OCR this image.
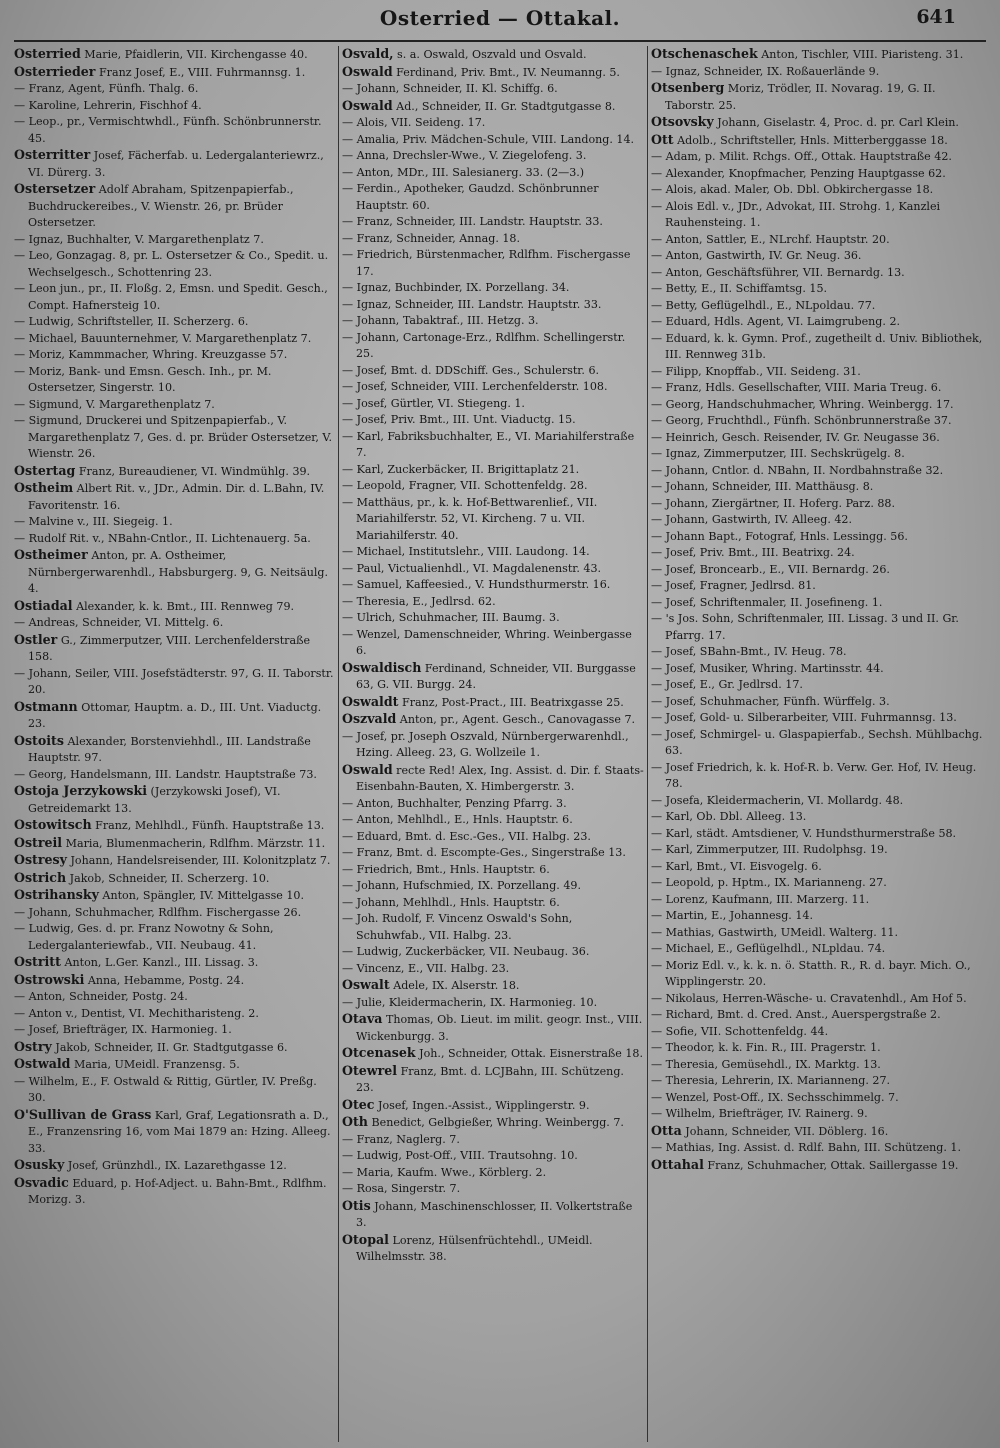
Osterried — Ottakal.	641
Osterried Marie, Pfaidlerin, VII. Kirchengasse 40.
Osterrieder Franz Josef, E., VIII. Fuhrmannsg. 1.
— Franz, Agent, Fünfh. Thalg. 6.
— Karoline, Lehrerin, Fischhof 4.
— Leop., pr., Vermischtwhdl., Fünfh. Schönbrunnerstr. 45.
Osterritter Josef, Fächerfab. u. Ledergalanteriewrz., VI. Dürerg. 3.
Ostersetzer Adolf Abraham, Spitzenpapierfab., Buchdruckereibes., V. Wienstr. 26, pr. Brüder Ostersetzer.
— Ignaz, Buchhalter, V. Margarethenplatz 7.
— Leo, Gonzagag. 8, pr. L. Ostersetzer & Co., Spedit. u. Wechselgesch., Schottenring 23.
— Leon jun., pr., II. Floßg. 2, Emsn. und Spedit. Gesch., Compt. Hafnersteig 10.
— Ludwig, Schriftsteller, II. Scherzerg. 6.
— Michael, Bauunternehmer, V. Margarethenplatz 7.
— Moriz, Kammmacher, Whring. Kreuzgasse 57.
— Moriz, Bank- und Emsn. Gesch. Inh., pr. M. Ostersetzer, Singerstr. 10.
— Sigmund, V. Margarethenplatz 7.
— Sigmund, Druckerei und Spitzenpapierfab., V. Margarethenplatz 7, Ges. d. pr. Brüder Ostersetzer, V. Wienstr. 26.
Ostertag Franz, Bureaudiener, VI. Windmühlg. 39.
Ostheim Albert Rit. v., JDr., Admin. Dir. d. L.Bahn, IV. Favoritenstr. 16.
— Malvine v., III. Siegeig. 1.
— Rudolf Rit. v., NBahn-Cntlor., II. Lichtenauerg. 5a.
Ostheimer Anton, pr. A. Ostheimer, Nürnbergerwarenhdl., Habsburgerg. 9, G. Neitsäulg. 4.
Ostiadal Alexander, k. k. Bmt., III. Rennweg 79.
— Andreas, Schneider, VI. Mittelg. 6.
Ostler G., Zimmerputzer, VIII. Lerchenfelderstraße 158.
— Johann, Seiler, VIII. Josefstädterstr. 97, G. II. Taborstr. 20.
Ostmann Ottomar, Hauptm. a. D., III. Unt. Viaductg. 23.
Ostoits Alexander, Borstenviehhdl., III. Landstraße Hauptstr. 97.
— Georg, Handelsmann, III. Landstr. Hauptstraße 73.
Ostoja Jerzykowski (Jerzykowski Josef), VI. Getreidemarkt 13.
Ostowitsch Franz, Mehlhdl., Fünfh. Hauptstraße 13.
Ostreil Maria, Blumenmacherin, Rdlfhm. Märzstr. 11.
Ostresy Johann, Handelsreisender, III. Kolonitzplatz 7.
Ostrich Jakob, Schneider, II. Scherzerg. 10.
Ostrihansky Anton, Spängler, IV. Mittelgasse 10.
— Johann, Schuhmacher, Rdlfhm. Fischergasse 26.
— Ludwig, Ges. d. pr. Franz Nowotny & Sohn, Ledergalanteriewfab., VII. Neubaug. 41.
Ostritt Anton, L.Ger. Kanzl., III. Lissag. 3.
Ostrowski Anna, Hebamme, Postg. 24.
— Anton, Schneider, Postg. 24.
— Anton v., Dentist, VI. Mechitharisteng. 2.
— Josef, Briefträger, IX. Harmonieg. 1.
Ostry Jakob, Schneider, II. Gr. Stadtgutgasse 6.
Ostwald Maria, UMeidl. Franzensg. 5.
— Wilhelm, E., F. Ostwald & Rittig, Gürtler, IV. Preßg. 30.
O'Sullivan de Grass Karl, Graf, Legationsrath a. D., E., Franzensring 16, vom Mai 1879 an: Hzing. Alleeg. 33.
Osusky Josef, Grünzhdl., IX. Lazarethgasse 12.
Osvadic Eduard, p. Hof-Adject. u. Bahn-Bmt., Rdlfhm. Morizg. 3.
Osvald, s. a. Oswald, Oszvald und Osvald.
Oswald Ferdinand, Priv. Bmt., IV. Neumanng. 5.
— Johann, Schneider, II. Kl. Schiffg. 6.
Oswald Ad., Schneider, II. Gr. Stadtgutgasse 8.
— Alois, VII. Seideng. 17.
— Amalia, Priv. Mädchen-Schule, VIII. Landong. 14.
— Anna, Drechsler-Wwe., V. Ziegelofeng. 3.
— Anton, MDr., III. Salesianerg. 33. (2—3.)
— Ferdin., Apotheker, Gaudzd. Schönbrunner Hauptstr. 60.
— Franz, Schneider, III. Landstr. Hauptstr. 33.
— Franz, Schneider, Annag. 18.
— Friedrich, Bürstenmacher, Rdlfhm. Fischergasse 17.
— Ignaz, Buchbinder, IX. Porzellang. 34.
— Ignaz, Schneider, III. Landstr. Hauptstr. 33.
— Johann, Tabaktraf., III. Hetzg. 3.
— Johann, Cartonage-Erz., Rdlfhm. Schellingerstr. 25.
— Josef, Bmt. d. DDSchiff. Ges., Schulerstr. 6.
— Josef, Schneider, VIII. Lerchenfelderstr. 108.
— Josef, Gürtler, VI. Stiegeng. 1.
— Josef, Priv. Bmt., III. Unt. Viaductg. 15.
— Karl, Fabriksbuchhalter, E., VI. Mariahilferstraße 7.
— Karl, Zuckerbäcker, II. Brigittaplatz 21.
— Leopold, Fragner, VII. Schottenfeldg. 28.
— Matthäus, pr., k. k. Hof-Bettwarenlief., VII. Mariahilferstr. 52, VI. Kircheng. 7 u. VII. Mariahilferstr. 40.
— Michael, Institutslehr., VIII. Laudong. 14.
— Paul, Victualienhdl., VI. Magdalenenstr. 43.
— Samuel, Kaffeesied., V. Hundsthurmerstr. 16.
— Theresia, E., Jedlrsd. 62.
— Ulrich, Schuhmacher, III. Baumg. 3.
— Wenzel, Damenschneider, Whring. Weinbergasse 6.
Oswaldisch Ferdinand, Schneider, VII. Burggasse 63, G. VII. Burgg. 24.
Oswaldt Franz, Post-Pract., III. Beatrixgasse 25.
Oszvald Anton, pr., Agent. Gesch., Canovagasse 7.
— Josef, pr. Joseph Oszvald, Nürnbergerwarenhdl., Hzing. Alleeg. 23, G. Wollzeile 1.
Oswald recte Red! Alex, Ing. Assist. d. Dir. f. Staats-Eisenbahn-Bauten, X. Himbergerstr. 3.
— Anton, Buchhalter, Penzing Pfarrg. 3.
— Anton, Mehlhdl., E., Hnls. Hauptstr. 6.
— Eduard, Bmt. d. Esc.-Ges., VII. Halbg. 23.
— Franz, Bmt. d. Escompte-Ges., Singerstraße 13.
— Friedrich, Bmt., Hnls. Hauptstr. 6.
— Johann, Hufschmied, IX. Porzellang. 49.
— Johann, Mehlhdl., Hnls. Hauptstr. 6.
— Joh. Rudolf, F. Vincenz Oswald's Sohn, Schuhwfab., VII. Halbg. 23.
— Ludwig, Zuckerbäcker, VII. Neubaug. 36.
— Vincenz, E., VII. Halbg. 23.
Oswalt Adele, IX. Alserstr. 18.
— Julie, Kleidermacherin, IX. Harmonieg. 10.
Otava Thomas, Ob. Lieut. im milit. geogr. Inst., VIII. Wickenburgg. 3.
Otcenasek Joh., Schneider, Ottak. Eisnerstraße 18.
Otewrel Franz, Bmt. d. LCJBahn, III. Schützeng. 23.
Otec Josef, Ingen.-Assist., Wipplingerstr. 9.
Oth Benedict, Gelbgießer, Whring. Weinbergg. 7.
— Franz, Naglerg. 7.
— Ludwig, Post-Off., VIII. Trautsohng. 10.
— Maria, Kaufm. Wwe., Körblerg. 2.
— Rosa, Singerstr. 7.
Otis Johann, Maschinenschlosser, II. Volkertstraße 3.
Otopal Lorenz, Hülsenfrüchtehdl., UMeidl. Wilhelmsstr. 38.
Otschenaschek Anton, Tischler, VIII. Piaristeng. 31.
— Ignaz, Schneider, IX. Roßauerlände 9.
Otsenberg Moriz, Trödler, II. Novarag. 19, G. II. Taborstr. 25.
Otsovsky Johann, Giselastr. 4, Proc. d. pr. Carl Klein.
Ott Adolb., Schriftsteller, Hnls. Mitterberggasse 18.
— Adam, p. Milit. Rchgs. Off., Ottak. Hauptstraße 42.
— Alexander, Knopfmacher, Penzing Hauptgasse 62.
— Alois, akad. Maler, Ob. Dbl. Obkirchergasse 18.
— Alois Edl. v., JDr., Advokat, III. Strohg. 1, Kanzlei Rauhensteing. 1.
— Anton, Sattler, E., NLrchf. Hauptstr. 20.
— Anton, Gastwirth, IV. Gr. Neug. 36.
— Anton, Geschäftsführer, VII. Bernardg. 13.
— Betty, E., II. Schiffamtsg. 15.
— Betty, Geflügelhdl., E., NLpoldau. 77.
— Eduard, Hdls. Agent, VI. Laimgrubeng. 2.
— Eduard, k. k. Gymn. Prof., zugetheilt d. Univ. Bibliothek, III. Rennweg 31b.
— Filipp, Knopffab., VII. Seideng. 31.
— Franz, Hdls. Gesellschafter, VIII. Maria Treug. 6.
— Georg, Handschuhmacher, Whring. Weinbergg. 17.
— Georg, Fruchthdl., Fünfh. Schönbrunnerstraße 37.
— Heinrich, Gesch. Reisender, IV. Gr. Neugasse 36.
— Ignaz, Zimmerputzer, III. Sechskrügelg. 8.
— Johann, Cntlor. d. NBahn, II. Nordbahnstraße 32.
— Johann, Schneider, III. Matthäusg. 8.
— Johann, Ziergärtner, II. Hoferg. Parz. 88.
— Johann, Gastwirth, IV. Alleeg. 42.
— Johann Bapt., Fotograf, Hnls. Lessingg. 56.
— Josef, Priv. Bmt., III. Beatrixg. 24.
— Josef, Broncearb., E., VII. Bernardg. 26.
— Josef, Fragner, Jedlrsd. 81.
— Josef, Schriftenmaler, II. Josefineng. 1.
— 's Jos. Sohn, Schriftenmaler, III. Lissag. 3 und II. Gr. Pfarrg. 17.
— Josef, SBahn-Bmt., IV. Heug. 78.
— Josef, Musiker, Whring. Martinsstr. 44.
— Josef, E., Gr. Jedlrsd. 17.
— Josef, Schuhmacher, Fünfh. Würffelg. 3.
— Josef, Gold- u. Silberarbeiter, VIII. Fuhrmannsg. 13.
— Josef, Schmirgel- u. Glaspapierfab., Sechsh. Mühlbachg. 63.
— Josef Friedrich, k. k. Hof-R. b. Verw. Ger. Hof, IV. Heug. 78.
— Josefa, Kleidermacherin, VI. Mollardg. 48.
— Karl, Ob. Dbl. Alleeg. 13.
— Karl, städt. Amtsdiener, V. Hundsthurmerstraße 58.
— Karl, Zimmerputzer, III. Rudolphsg. 19.
— Karl, Bmt., VI. Eisvogelg. 6.
— Leopold, p. Hptm., IX. Marianneng. 27.
— Lorenz, Kaufmann, III. Marzerg. 11.
— Martin, E., Johannesg. 14.
— Mathias, Gastwirth, UMeidl. Walterg. 11.
— Michael, E., Geflügelhdl., NLpldau. 74.
— Moriz Edl. v., k. k. n. ö. Statth. R., R. d. bayr. Mich. O., Wipplingerstr. 20.
— Nikolaus, Herren-Wäsche- u. Cravatenhdl., Am Hof 5.
— Richard, Bmt. d. Cred. Anst., Auerspergstraße 2.
— Sofie, VII. Schottenfeldg. 44.
— Theodor, k. k. Fin. R., III. Pragerstr. 1.
— Theresia, Gemüsehdl., IX. Marktg. 13.
— Theresia, Lehrerin, IX. Marianneng. 27.
— Wenzel, Post-Off., IX. Sechsschimmelg. 7.
— Wilhelm, Briefträger, IV. Rainerg. 9.
Otta Johann, Schneider, VII. Döblerg. 16.
— Mathias, Ing. Assist. d. Rdlf. Bahn, III. Schützeng. 1.
Ottahal Franz, Schuhmacher, Ottak. Saillergasse 19.
